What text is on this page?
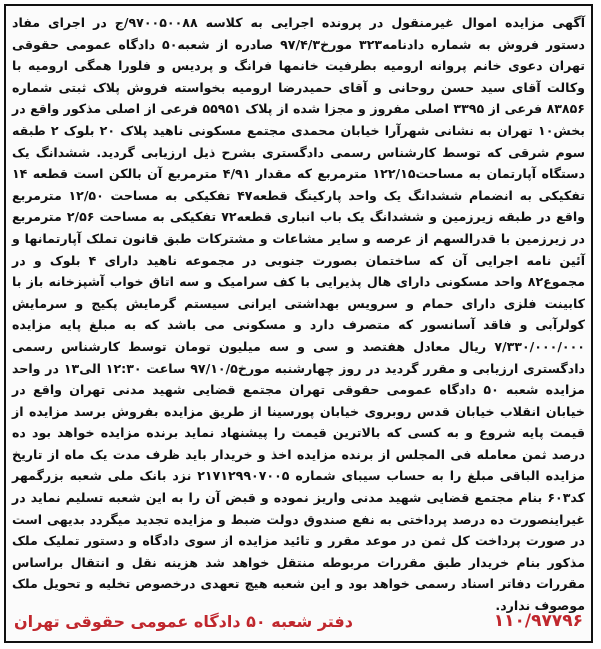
آگهی مزایده اموال غیرمنقول در پرونده اجرایی به کلاسه ۹۷۰۰۵۰۰۸۸/ج در اجرای مفاد دستور فروش به شماره دادنامه۳۲۳ مورخ۹۷/۴/۳ صادره از شعبه۵۰ دادگاه عمومی حقوقی تهران دعوی خانم پروانه ارومیه بطرفیت خانمها فرانگ و پردیس و فلورا همگی ارومیه با وکالت آقای سید حسن روحانی و آقای حمیدرضا ارومیه بخواسته فروش پلاک ثبتی شماره ۸۳۸۵۶ فرعی از ۳۳۹۵ اصلی مفروز و مجزا شده از پلاک ۵۵۹۵۱ فرعی از اصلی مذکور واقع در بخش۱۰ تهران به نشانی شهرآرا خیابان محمدی مجتمع مسکونی ناهید پلاک ۲۰ بلوک ۲ طبقه سوم شرقی که توسط کارشناس رسمی دادگستری بشرح ذیل ارزیابی گردید. ششدانگ یک دستگاه آپارتمان به مساحت۱۲۲/۱۵ مترمربع که مقدار ۴/۹۱ مترمربع آن بالکن است قطعه ۱۴ تفکیکی به انضمام ششدانگ یک واحد پارکینگ قطعه۴۷ تفکیکی به مساحت ۱۲/۵۰ مترمربع واقع در طبقه زیرزمین و ششدانگ یک باب انباری قطعه۷۲ تفکیکی به مساحت ۲/۵۶ مترمربع در زیرزمین با قدرالسهم از عرصه و سایر مشاعات و مشترکات طبق قانون تملک آپارتمانها و آئین نامه اجرایی آن که ساختمان بصورت جنوبی در مجموعه ناهید دارای ۴ بلوک و در مجموع۸۲ واحد مسکونی دارای هال پذیرایی با کف سرامیک و سه اتاق خواب آشپزخانه باز با کابینت فلزی دارای حمام و سرویس بهداشتی ایرانی سیستم گرمایش پکیج و سرمایش کولرآبی و فاقد آسانسور که متصرف دارد و مسکونی می باشد که به مبلغ پایه مزایده ۷/۳۳۰/۰۰۰/۰۰۰ ریال معادل هفتصد و سی و سه میلیون تومان توسط کارشناس رسمی دادگستری ارزیابی و مقرر گردید در روز چهارشنبه مورخ۹۷/۱۰/۵ ساعت ۱۲:۳۰ الی۱۳ در واحد مزایده شعبه ۵۰ دادگاه عمومی حقوقی تهران مجتمع قضایی شهید مدنی تهران واقع در خیابان انقلاب خیابان قدس روبروی خیابان پورسینا از طریق مزایده بفروش برسد مزایده از قیمت پایه شروع و به کسی که بالاترین قیمت را پیشنهاد نماید برنده مزایده خواهد بود ده درصد ثمن معامله فی المجلس از برنده مزایده اخذ و خریدار باید ظرف مدت یک ماه از تاریخ مزایده الباقی مبلغ را به حساب سیبای شماره ۲۱۷۱۲۹۹۰۷۰۰۵ نزد بانک ملی شعبه بزرگمهر کد۶۰۳ بنام مجتمع قضایی شهید مدنی واریز نموده و قبض آن را به این شعبه تسلیم نماید در غیراینصورت ده درصد پرداختی به نفع صندوق دولت ضبط و مزایده تجدید میگردد بدیهی است در صورت پرداخت کل ثمن در موعد مقرر و تائید مزایده از سوی دادگاه و دستور تملیک ملک مذکور بنام خریدار طبق مقررات مربوطه منتقل خواهد شد هزینه نقل و انتقال براساس مقررات دفاتر اسناد رسمی خواهد بود و این شعبه هیچ تعهدی درخصوص تخلیه و تحویل ملک موصوف ندارد.
دفتر شعبه ۵۰ دادگاه عمومی حقوقی تهران	۱۱۰/۹۷۷۹۶
